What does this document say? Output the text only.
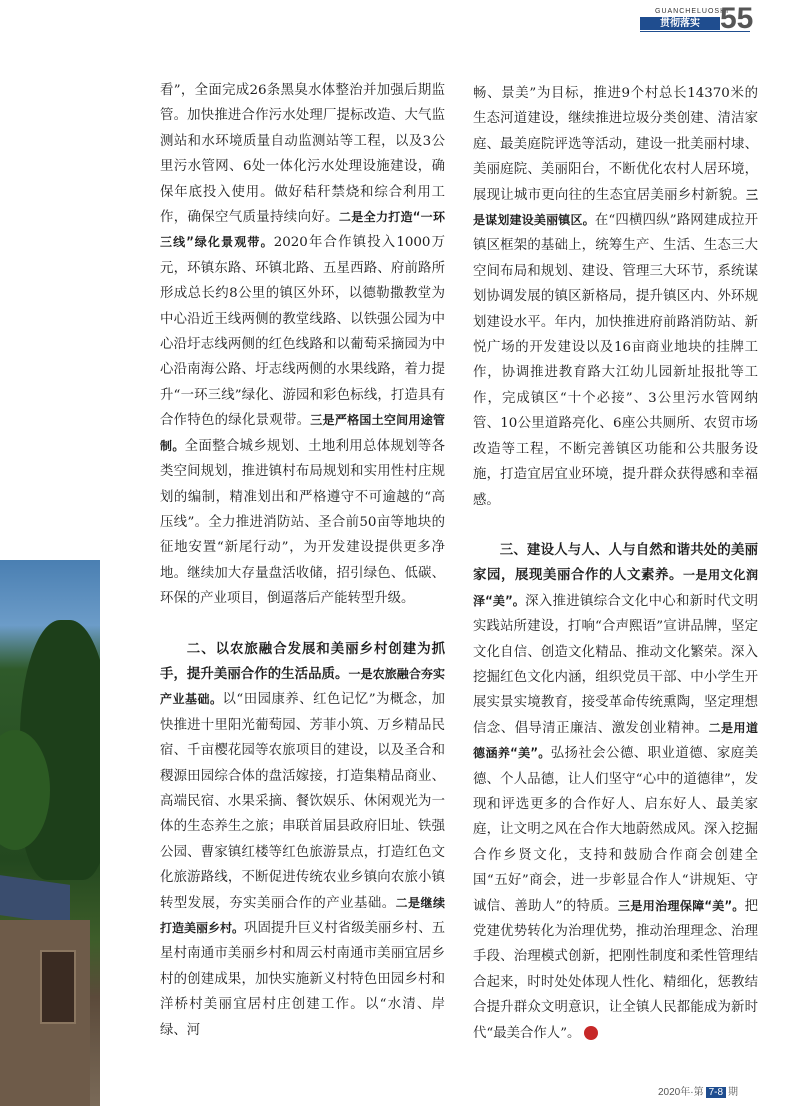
GUANCHELUOSHI
贯彻落实 55

看”，全面完成26条黑臭水体整治并加强后期监管。加快推进合作污水处理厂提标改造、大气监测站和水环境质量自动监测站等工程，以及3公里污水管网、6处一体化污水处理设施建设，确保年底投入使用。做好秸秆禁烧和综合利用工作，确保空气质量持续向好。二是全力打造“一环三线”绿化景观带。2020年合作镇投入1000万元，环镇东路、环镇北路、五星西路、府前路所形成总长约8公里的镇区外环，以德勒撒教堂为中心沿近王线两侧的教堂线路、以铁强公园为中心沿圩志线两侧的红色线路和以葡萄采摘园为中心沿南海公路、圩志线两侧的水果线路，着力提升“一环三线”绿化、游园和彩色标线，打造具有合作特色的绿化景观带。三是严格国土空间用途管制。全面整合城乡规划、土地利用总体规划等各类空间规划，推进镇村布局规划和实用性村庄规划的编制，精准划出和严格遵守不可逾越的“高压线”。全力推进消防站、圣合前50亩等地块的征地安置“新尾行动”，为开发建设提供更多净地。继续加大存量盘活收储，招引绿色、低碳、环保的产业项目，倒逼落后产能转型升级。

二、以农旅融合发展和美丽乡村创建为抓手，提升美丽合作的生活品质。一是农旅融合夯实产业基础。以“田园康养、红色记忆”为概念，加快推进十里阳光葡萄园、芳菲小筑、万乡精品民宿、千亩樱花园等农旅项目的建设，以及圣合和稷源田园综合体的盘活嫁接，打造集精品商业、高端民宿、水果采摘、餐饮娱乐、休闲观光为一体的生态养生之旅；串联首届县政府旧址、铁强公园、曹家镇红楼等红色旅游景点，打造红色文化旅游路线，不断促进传统农业乡镇向农旅小镇转型发展，夯实美丽合作的产业基础。二是继续打造美丽乡村。巩固提升巨义村省级美丽乡村、五星村南通市美丽乡村和周云村南通市美丽宜居乡村的创建成果，加快实施新义村特色田园乡村和洋桥村美丽宜居村庄创建工作。以“水清、岸绿、河

畅、景美”为目标，推进9个村总长14370米的生态河道建设，继续推进垃圾分类创建、清洁家庭、最美庭院评选等活动，建设一批美丽村埭、美丽庭院、美丽阳台，不断优化农村人居环境，展现让城市更向往的生态宜居美丽乡村新貌。三是谋划建设美丽镇区。在“四横四纵”路网建成拉开镇区框架的基础上，统筹生产、生活、生态三大空间布局和规划、建设、管理三大环节，系统谋划协调发展的镇区新格局，提升镇区内、外环规划建设水平。年内，加快推进府前路消防站、新悦广场的开发建设以及16亩商业地块的挂牌工作，协调推进教育路大江幼儿园新址报批等工作，完成镇区“十个必接”、3公里污水管网纳管、10公里道路亮化、6座公共厕所、农贸市场改造等工程，不断完善镇区功能和公共服务设施，打造宜居宜业环境，提升群众获得感和幸福感。

三、建设人与人、人与自然和谐共处的美丽家园，展现美丽合作的人文素养。一是用文化润泽“美”。深入推进镇综合文化中心和新时代文明实践站所建设，打响“合声熙语”宣讲品牌，坚定文化自信、创造文化精品、推动文化繁荣。深入挖掘红色文化内涵，组织党员干部、中小学生开展实景实境教育，接受革命传统熏陶，坚定理想信念、倡导清正廉洁、激发创业精神。二是用道德涵养“美”。弘扬社会公德、职业道德、家庭美德、个人品德，让人们坚守“心中的道德律”，发现和评选更多的合作好人、启东好人、最美家庭，让文明之风在合作大地蔚然成风。深入挖掘合作乡贤文化，支持和鼓励合作商会创建全国“五好”商会，进一步彰显合作人“讲规矩、守诚信、善助人”的特质。三是用治理保障“美”。把党建优势转化为治理优势，推动治理理念、治理手段、治理模式创新，把刚性制度和柔性管理结合起来，时时处处体现人性化、精细化，惩教结合提升群众文明意识，让全镇人民都能成为新时代“最美合作人”。

2020年·第 7-8 期
